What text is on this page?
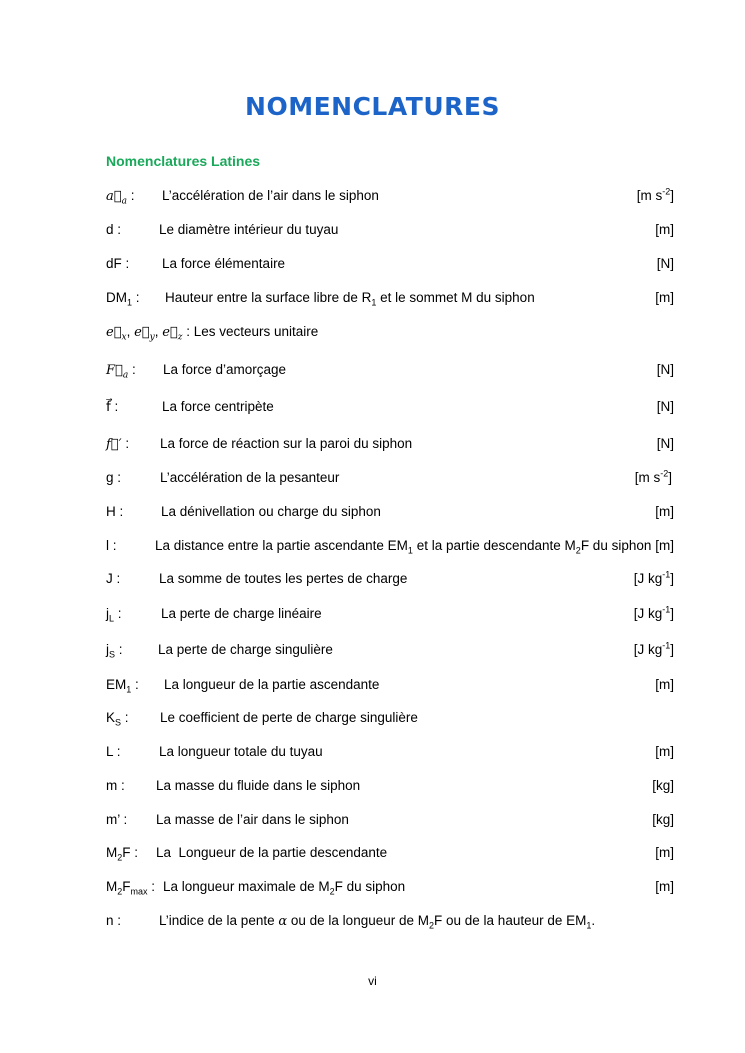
NOMENCLATURES
Nomenclatures Latines
$a⃗_a$ : L’accélération de l’air dans le siphon	[m $s^{-2}$]
d :	Le diamètre intérieur du tuyau	[m]
dF : La force élémentaire	[N]
$DM_1$ : Hauteur entre la surface libre de $R_1$ et le sommet M du siphon	[m]
$e⃗_x$, $e⃗_y$, $e⃗_z$ : Les vecteurs unitaire
$F⃗_a$ : La force d’amorçage	[N]
f⃗ :	La force centripète	[N]
f⃗′ : La force de réaction sur la paroi du siphon	[N]
g :	L’accélération de la pesanteur	[m $s^{-2}$]
H :	La dénivellation ou charge du siphon	[m]
l :	La distance entre la partie ascendante $EM_1$ et la partie descendante $M_2F$ du siphon [m]
J :	La somme de toutes les pertes de charge	[J $kg^{-1}$]
$j_L$ :	La perte de charge linéaire	[J $kg^{-1}$]
$j_S$ :	La perte de charge singulière	[J $kg^{-1}$]
$EM_1$ : La longueur de la partie ascendante	[m]
$K_S$ : Le coefficient de perte de charge singulière
L :	La longueur totale du tuyau	[m]
m : La masse du fluide dans le siphon	[kg]
m’ : La masse de l’air dans le siphon	[kg]
$M_2F$ : La  Longueur de la partie descendante	[m]
$M_2F_{max}$ : La longueur maximale de $M_2F$ du siphon	[m]
n :	L’indice de la pente α ou de la longueur de $M_2F$ ou de la hauteur de $EM_1$.
vi
